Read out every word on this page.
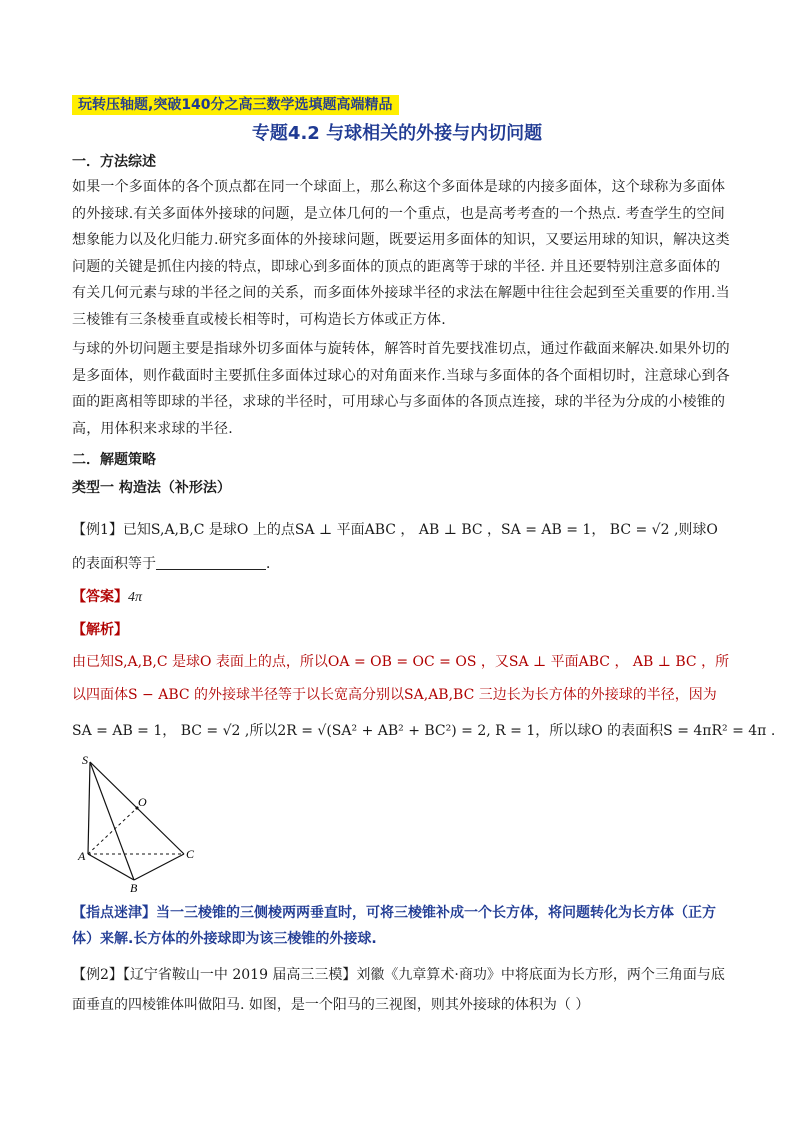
玩转压轴题,突破140分之高三数学选填题高端精品
专题4.2 与球相关的外接与内切问题
一．方法综述
如果一个多面体的各个顶点都在同一个球面上，那么称这个多面体是球的内接多面体，这个球称为多面体
的外接球.有关多面体外接球的问题，是立体几何的一个重点，也是高考考查的一个热点. 考查学生的空间
想象能力以及化归能力.研究多面体的外接球问题，既要运用多面体的知识，又要运用球的知识，解决这类
问题的关键是抓住内接的特点，即球心到多面体的顶点的距离等于球的半径. 并且还要特别注意多面体的
有关几何元素与球的半径之间的关系，而多面体外接球半径的求法在解题中往往会起到至关重要的作用.当
三棱锥有三条棱垂直或棱长相等时，可构造长方体或正方体.
与球的外切问题主要是指球外切多面体与旋转体，解答时首先要找准切点，通过作截面来解决.如果外切的
是多面体，则作截面时主要抓住多面体过球心的对角面来作.当球与多面体的各个面相切时，注意球心到各
面的距离相等即球的半径，求球的半径时，可用球心与多面体的各顶点连接，球的半径为分成的小棱锥的
高，用体积来求球的半径.
二．解题策略
类型一 构造法（补形法）
【例1】已知S,A,B,C 是球O 上的点SA ⊥ 平面ABC ， AB ⊥ BC ，SA = AB = 1， BC = √2 ,则球O
的表面积等于	．
【答案】4π
【解析】
由已知S,A,B,C 是球O 表面上的点，所以OA = OB = OC = OS ，又SA ⊥ 平面ABC ， AB ⊥ BC ，所
以四面体S − ABC 的外接球半径等于以长宽高分别以SA,AB,BC 三边长为长方体的外接球的半径，因为
SA = AB = 1， BC = √2 ,所以2R = √(SA² + AB² + BC²) = 2, R = 1，所以球O 的表面积S = 4πR² = 4π .
S
O
A	C
B
【指点迷津】当一三棱锥的三侧棱两两垂直时，可将三棱锥补成一个长方体，将问题转化为长方体（正方
体）来解.长方体的外接球即为该三棱锥的外接球.
【例2】【辽宁省鞍山一中 2019 届高三三模】刘徽《九章算术·商功》中将底面为长方形，两个三角面与底
面垂直的四棱锥体叫做阳马. 如图，是一个阳马的三视图，则其外接球的体积为（ ）
